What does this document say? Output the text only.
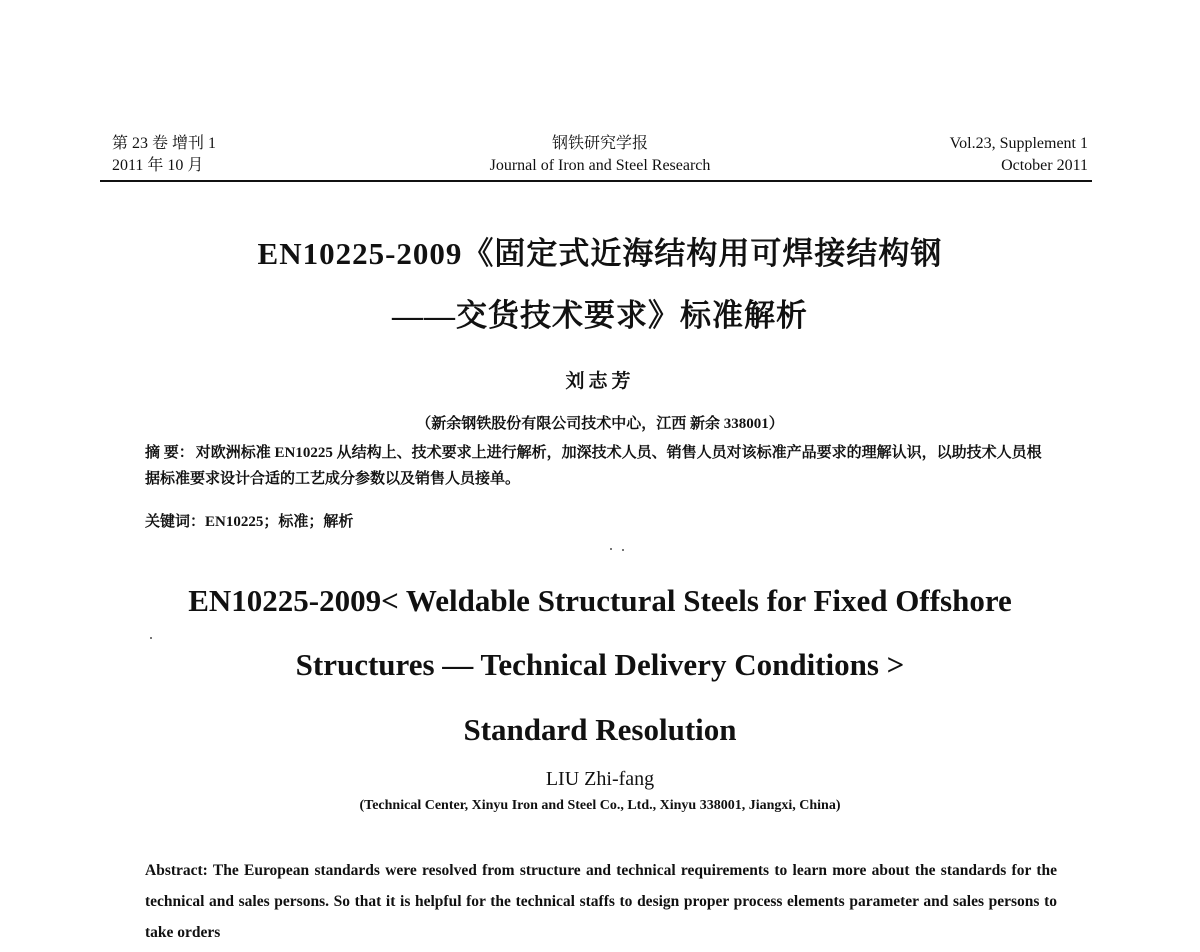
第 23 卷 增刊 1
2011 年 10 月
钢铁研究学报
Journal of Iron and Steel Research
Vol.23, Supplement 1
October 2011
EN10225-2009《固定式近海结构用可焊接结构钢
——交货技术要求》标准解析
刘志芳
（新余钢铁股份有限公司技术中心，江西 新余 338001）
摘 要： 对欧洲标准 EN10225 从结构上、技术要求上进行解析，加深技术人员、销售人员对该标准产品要求的理解认识，以助技术人员根据标准要求设计合适的工艺成分参数以及销售人员接单。
关键词：EN10225；标准；解析
EN10225-2009< Weldable Structural Steels for Fixed Offshore
Structures — Technical Delivery Conditions >
Standard Resolution
LIU Zhi-fang
(Technical Center, Xinyu Iron and Steel Co., Ltd., Xinyu 338001, Jiangxi, China)
Abstract: The European standards were resolved from structure and technical requirements to learn more about the standards for the technical and sales persons. So that it is helpful for the technical staffs to design proper process elements parameter and sales persons to take orders
